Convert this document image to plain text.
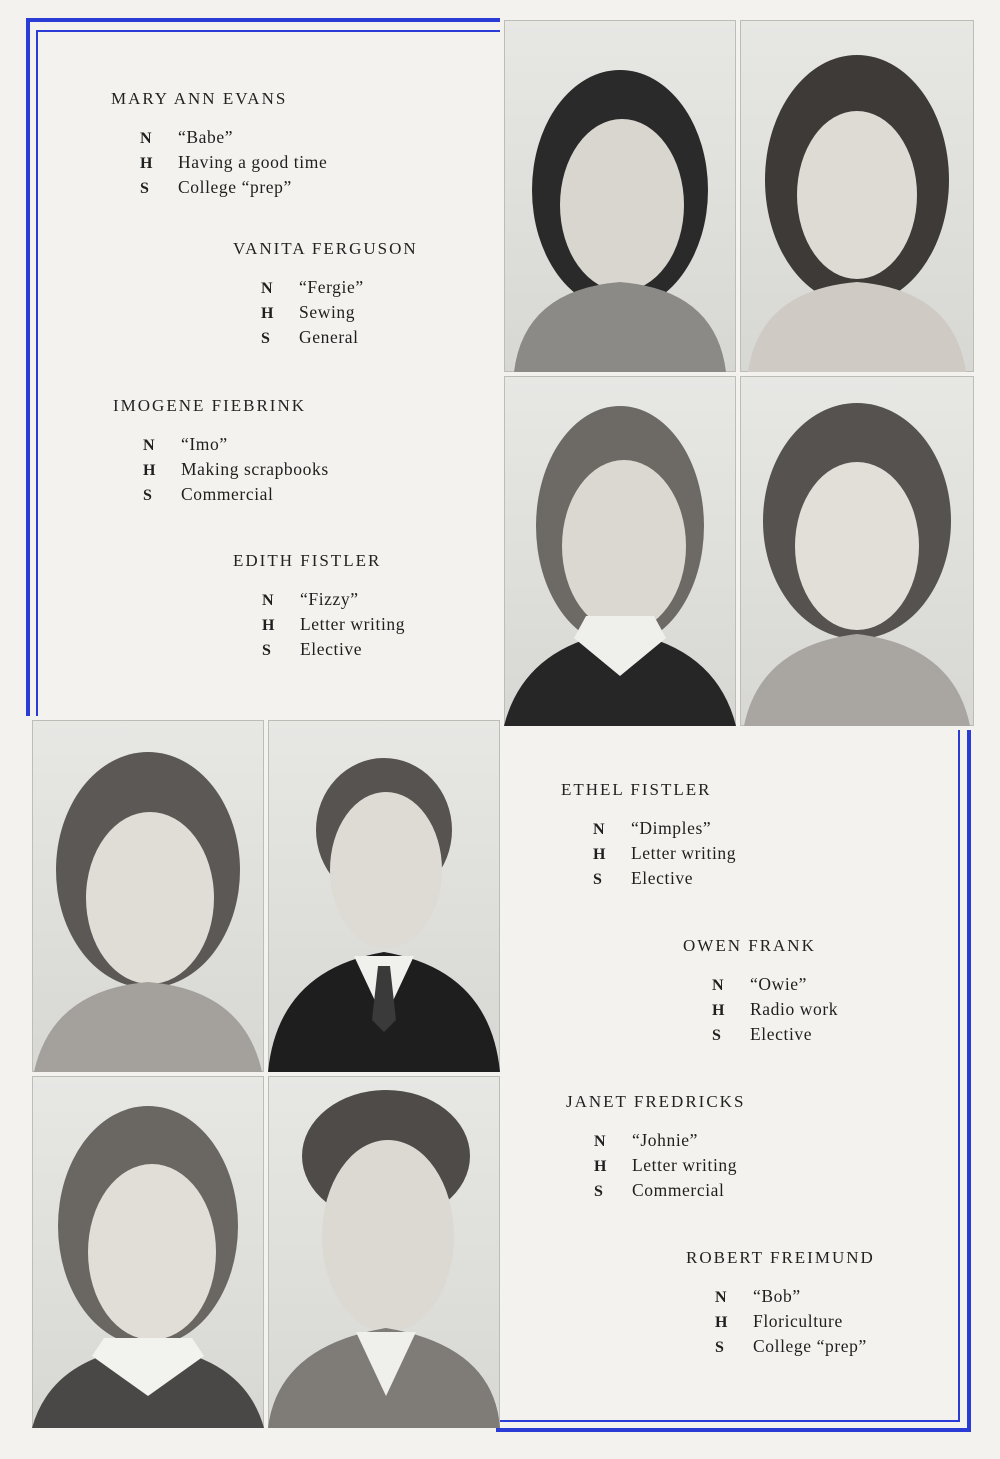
MARY ANN EVANS
N	“Babe”
H	Having a good time
S	College “prep”
VANITA FERGUSON
N	“Fergie”
H	Sewing
S	General
IMOGENE FIEBRINK
N	“Imo”
H	Making scrapbooks
S	Commercial
EDITH FISTLER
N	“Fizzy”
H	Letter writing
S	Elective
ETHEL FISTLER
N	“Dimples”
H	Letter writing
S	Elective
OWEN FRANK
N	“Owie”
H	Radio work
S	Elective
JANET FREDRICKS
N	“Johnie”
H	Letter writing
S	Commercial
ROBERT FREIMUND
N	“Bob”
H	Floriculture
S	College “prep”
